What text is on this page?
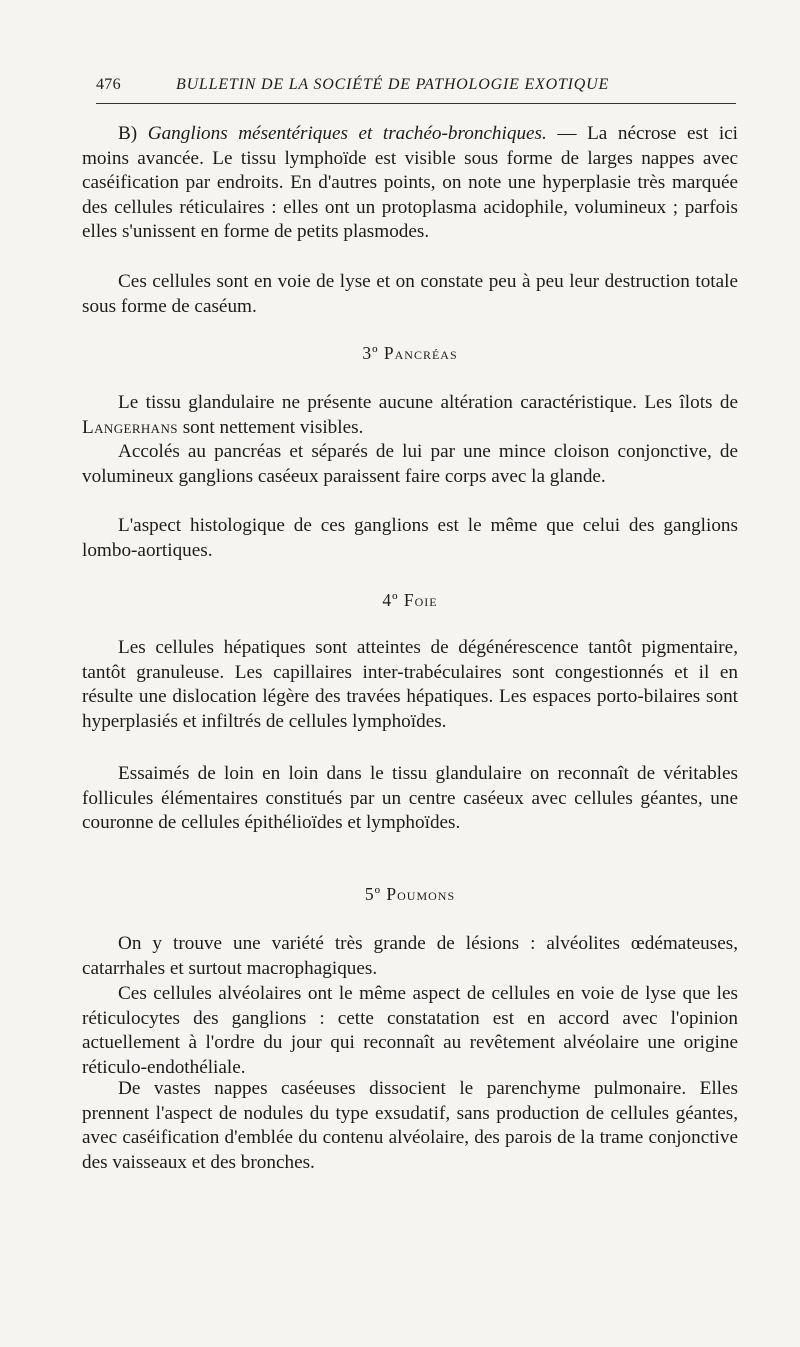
476	BULLETIN DE LA SOCIÉTÉ DE PATHOLOGIE EXOTIQUE

B) Ganglions mésentériques et trachéo-bronchiques. — La nécrose est ici moins avancée. Le tissu lymphoïde est visible sous forme de larges nappes avec caséification par endroits. En d'autres points, on note une hyperplasie très marquée des cellules réticulaires : elles ont un protoplasma acidophile, volumineux ; parfois elles s'unissent en forme de petits plasmodes.

Ces cellules sont en voie de lyse et on constate peu à peu leur destruction totale sous forme de caséum.

3º Pancréas

Le tissu glandulaire ne présente aucune altération caractéristique. Les îlots de Langerhans sont nettement visibles.

Accolés au pancréas et séparés de lui par une mince cloison conjonctive, de volumineux ganglions caséeux paraissent faire corps avec la glande.

L'aspect histologique de ces ganglions est le même que celui des ganglions lombo-aortiques.

4º Foie

Les cellules hépatiques sont atteintes de dégénérescence tantôt pigmentaire, tantôt granuleuse. Les capillaires inter-trabéculaires sont congestionnés et il en résulte une dislocation légère des travées hépatiques. Les espaces porto-bilaires sont hyperplasiés et infiltrés de cellules lymphoïdes.

Essaimés de loin en loin dans le tissu glandulaire on reconnaît de véritables follicules élémentaires constitués par un centre caséeux avec cellules géantes, une couronne de cellules épithélioïdes et lymphoïdes.

5º Poumons

On y trouve une variété très grande de lésions : alvéolites œdémateuses, catarrhales et surtout macrophagiques.

Ces cellules alvéolaires ont le même aspect de cellules en voie de lyse que les réticulocytes des ganglions : cette constatation est en accord avec l'opinion actuellement à l'ordre du jour qui reconnaît au revêtement alvéolaire une origine réticulo-endothéliale.

De vastes nappes caséeuses dissocient le parenchyme pulmonaire. Elles prennent l'aspect de nodules du type exsudatif, sans production de cellules géantes, avec caséification d'emblée du contenu alvéolaire, des parois de la trame conjonctive des vaisseaux et des bronches.
